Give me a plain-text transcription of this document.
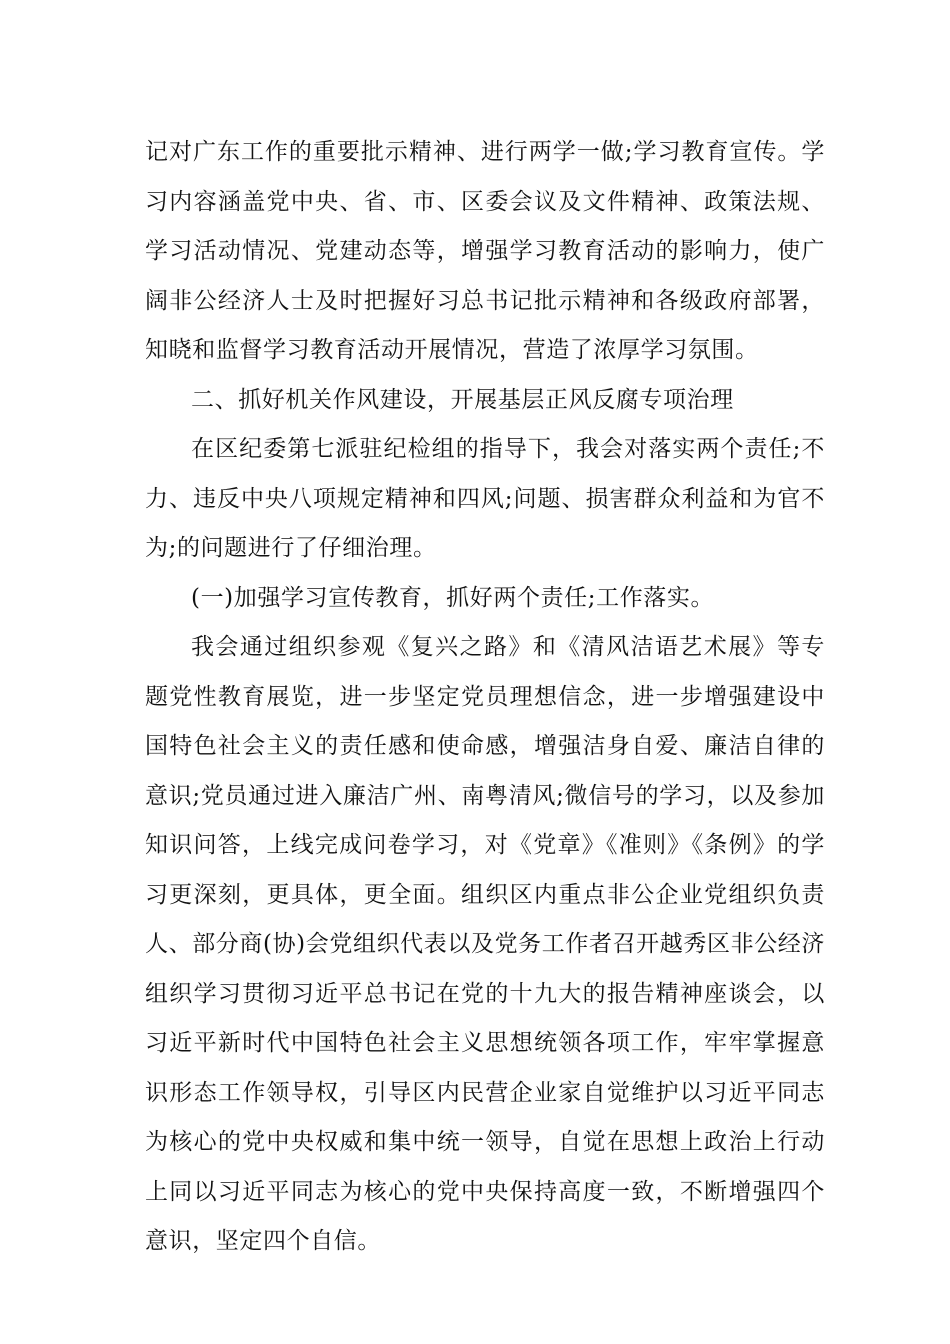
记对广东工作的重要批示精神、进行两学一做;学习教育宣传。学习内容涵盖党中央、省、市、区委会议及文件精神、政策法规、学习活动情况、党建动态等，增强学习教育活动的影响力，使广阔非公经济人士及时把握好习总书记批示精神和各级政府部署，知晓和监督学习教育活动开展情况，营造了浓厚学习氛围。

二、抓好机关作风建设，开展基层正风反腐专项治理

在区纪委第七派驻纪检组的指导下，我会对落实两个责任;不力、违反中央八项规定精神和四风;问题、损害群众利益和为官不为;的问题进行了仔细治理。

(一)加强学习宣传教育，抓好两个责任;工作落实。

我会通过组织参观《复兴之路》和《清风洁语艺术展》等专题党性教育展览，进一步坚定党员理想信念，进一步增强建设中国特色社会主义的责任感和使命感，增强洁身自爱、廉洁自律的意识;党员通过进入廉洁广州、南粤清风;微信号的学习，以及参加知识问答，上线完成问卷学习，对《党章》《准则》《条例》的学习更深刻，更具体，更全面。组织区内重点非公企业党组织负责人、部分商(协)会党组织代表以及党务工作者召开越秀区非公经济组织学习贯彻习近平总书记在党的十九大的报告精神座谈会，以习近平新时代中国特色社会主义思想统领各项工作，牢牢掌握意识形态工作领导权，引导区内民营企业家自觉维护以习近平同志为核心的党中央权威和集中统一领导，自觉在思想上政治上行动上同以习近平同志为核心的党中央保持高度一致，不断增强四个意识，坚定四个自信。
